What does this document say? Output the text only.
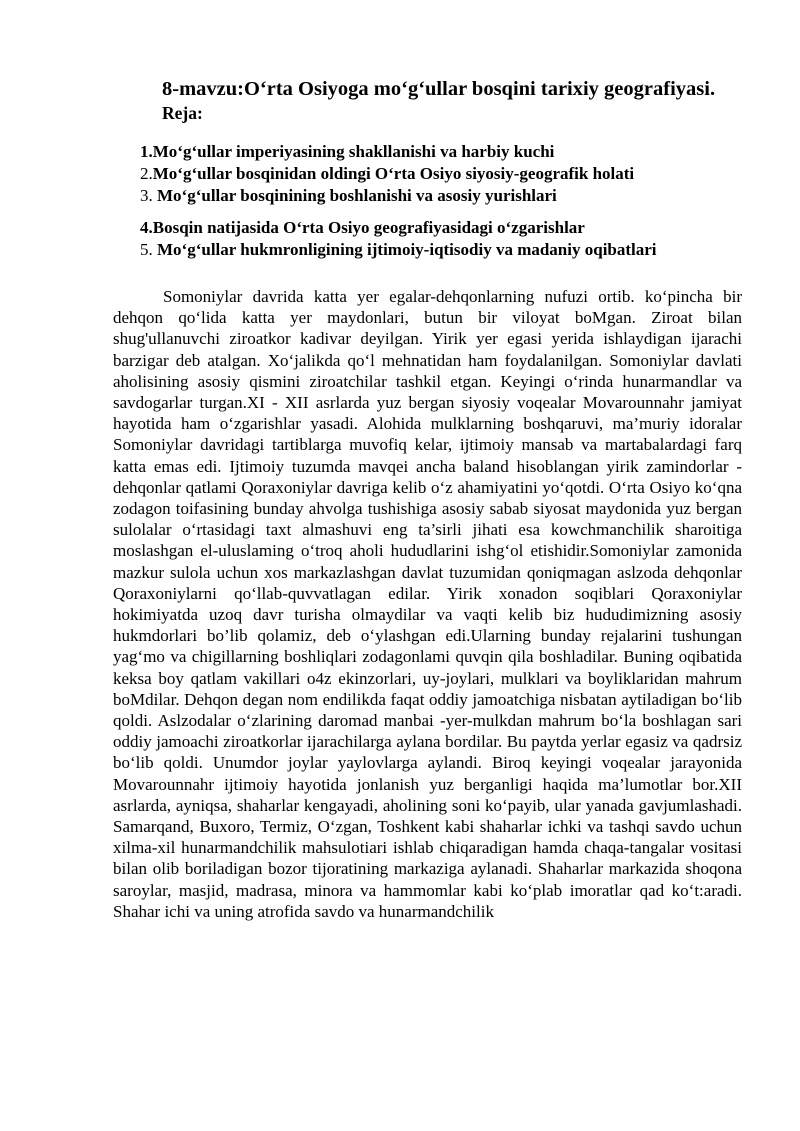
8-mavzu:O‘rta Osiyoga mo‘g‘ullar bosqini tarixiy geografiyasi.
Reja:
1.Mo‘g‘ullar imperiyasining shakllanishi va harbiy kuchi
2.Mo‘g‘ullar bosqinidan oldingi O‘rta Osiyo siyosiy-geografik holati
3. Mo‘g‘ullar bosqinining boshlanishi va asosiy yurishlari
4.Bosqin natijasida O‘rta Osiyo geografiyasidagi o‘zgarishlar
5. Mo‘g‘ullar hukmronligining ijtimoiy-iqtisodiy va madaniy oqibatlari

Somoniylar davrida katta yer egalar-dehqonlarning nufuzi ortib. ko‘pincha bir dehqon qo‘lida katta yer maydonlari, butun bir viloyat boMgan. Ziroat bilan shug'ullanuvchi ziroatkor kadivar deyilgan. Yirik yer egasi yerida ishlaydigan ijarachi barzigar deb atalgan. Xo‘jalikda qo‘l mehnatidan ham foydalanilgan. Somoniylar davlati aholisining asosiy qismini ziroatchilar tashkil etgan. Keyingi o‘rinda hunarmandlar va savdogarlar turgan.XI - XII asrlarda yuz bergan siyosiy voqealar Movarounnahr jamiyat hayotida ham o‘zgarishlar yasadi. Alohida mulklarning boshqaruvi, ma’muriy idoralar Somoniylar davridagi tartiblarga muvofiq kelar, ijtimoiy mansab va martabalardagi farq katta emas edi. Ijtimoiy tuzumda mavqei ancha baland hisoblangan yirik zamindorlar - dehqonlar qatlami Qoraxoniylar davriga kelib o‘z ahamiyatini yo‘qotdi. O‘rta Osiyo ko‘qna zodagon toifasining bunday ahvolga tushishiga asosiy sabab siyosat maydonida yuz bergan sulolalar o‘rtasidagi taxt almashuvi eng ta’sirli jihati esa kowchmanchilik sharoitiga moslashgan el-uluslaming o‘troq aholi hududlarini ishg‘ol etishidir.Somoniylar zamonida mazkur sulola uchun xos markazlashgan davlat tuzumidan qoniqmagan aslzoda dehqonlar Qoraxoniylarni qo‘llab-quvvatlagan edilar. Yirik xonadon soqiblari Qoraxoniylar hokimiyatda uzoq davr turisha olmaydilar va vaqti kelib biz hududimizning asosiy hukmdorlari bo’lib qolamiz, deb o‘ylashgan edi.Ularning bunday rejalarini tushungan yag‘mo va chigillarning boshliqlari zodagonlami quvqin qila boshladilar. Buning oqibatida keksa boy qatlam vakillari o4z ekinzorlari, uy-joylari, mulklari va boyliklaridan mahrum boMdilar. Dehqon degan nom endilikda faqat oddiy jamoatchiga nisbatan aytiladigan bo‘lib qoldi. Aslzodalar o‘zlarining daromad manbai -yer-mulkdan mahrum bo‘la boshlagan sari oddiy jamoachi ziroatkorlar ijarachilarga aylana bordilar. Bu paytda yerlar egasiz va qadrsiz bo‘lib qoldi. Unumdor joylar yaylovlarga aylandi. Biroq keyingi voqealar jarayonida Movarounnahr ijtimoiy hayotida jonlanish yuz berganligi haqida ma’lumotlar bor.XII asrlarda, ayniqsa, shaharlar kengayadi, aholining soni ko‘payib, ular yanada gavjumlashadi. Samarqand, Buxoro, Termiz, O‘zgan, Toshkent kabi shaharlar ichki va tashqi savdo uchun xilma-xil hunarmandchilik mahsulotiari ishlab chiqaradigan hamda chaqa-tangalar vositasi bilan olib boriladigan bozor tijoratining markaziga aylanadi. Shaharlar markazida shoqona saroylar, masjid, madrasa, minora va hammomlar kabi ko‘plab imoratlar qad ko‘t:aradi. Shahar ichi va uning atrofida savdo va hunarmandchilik
